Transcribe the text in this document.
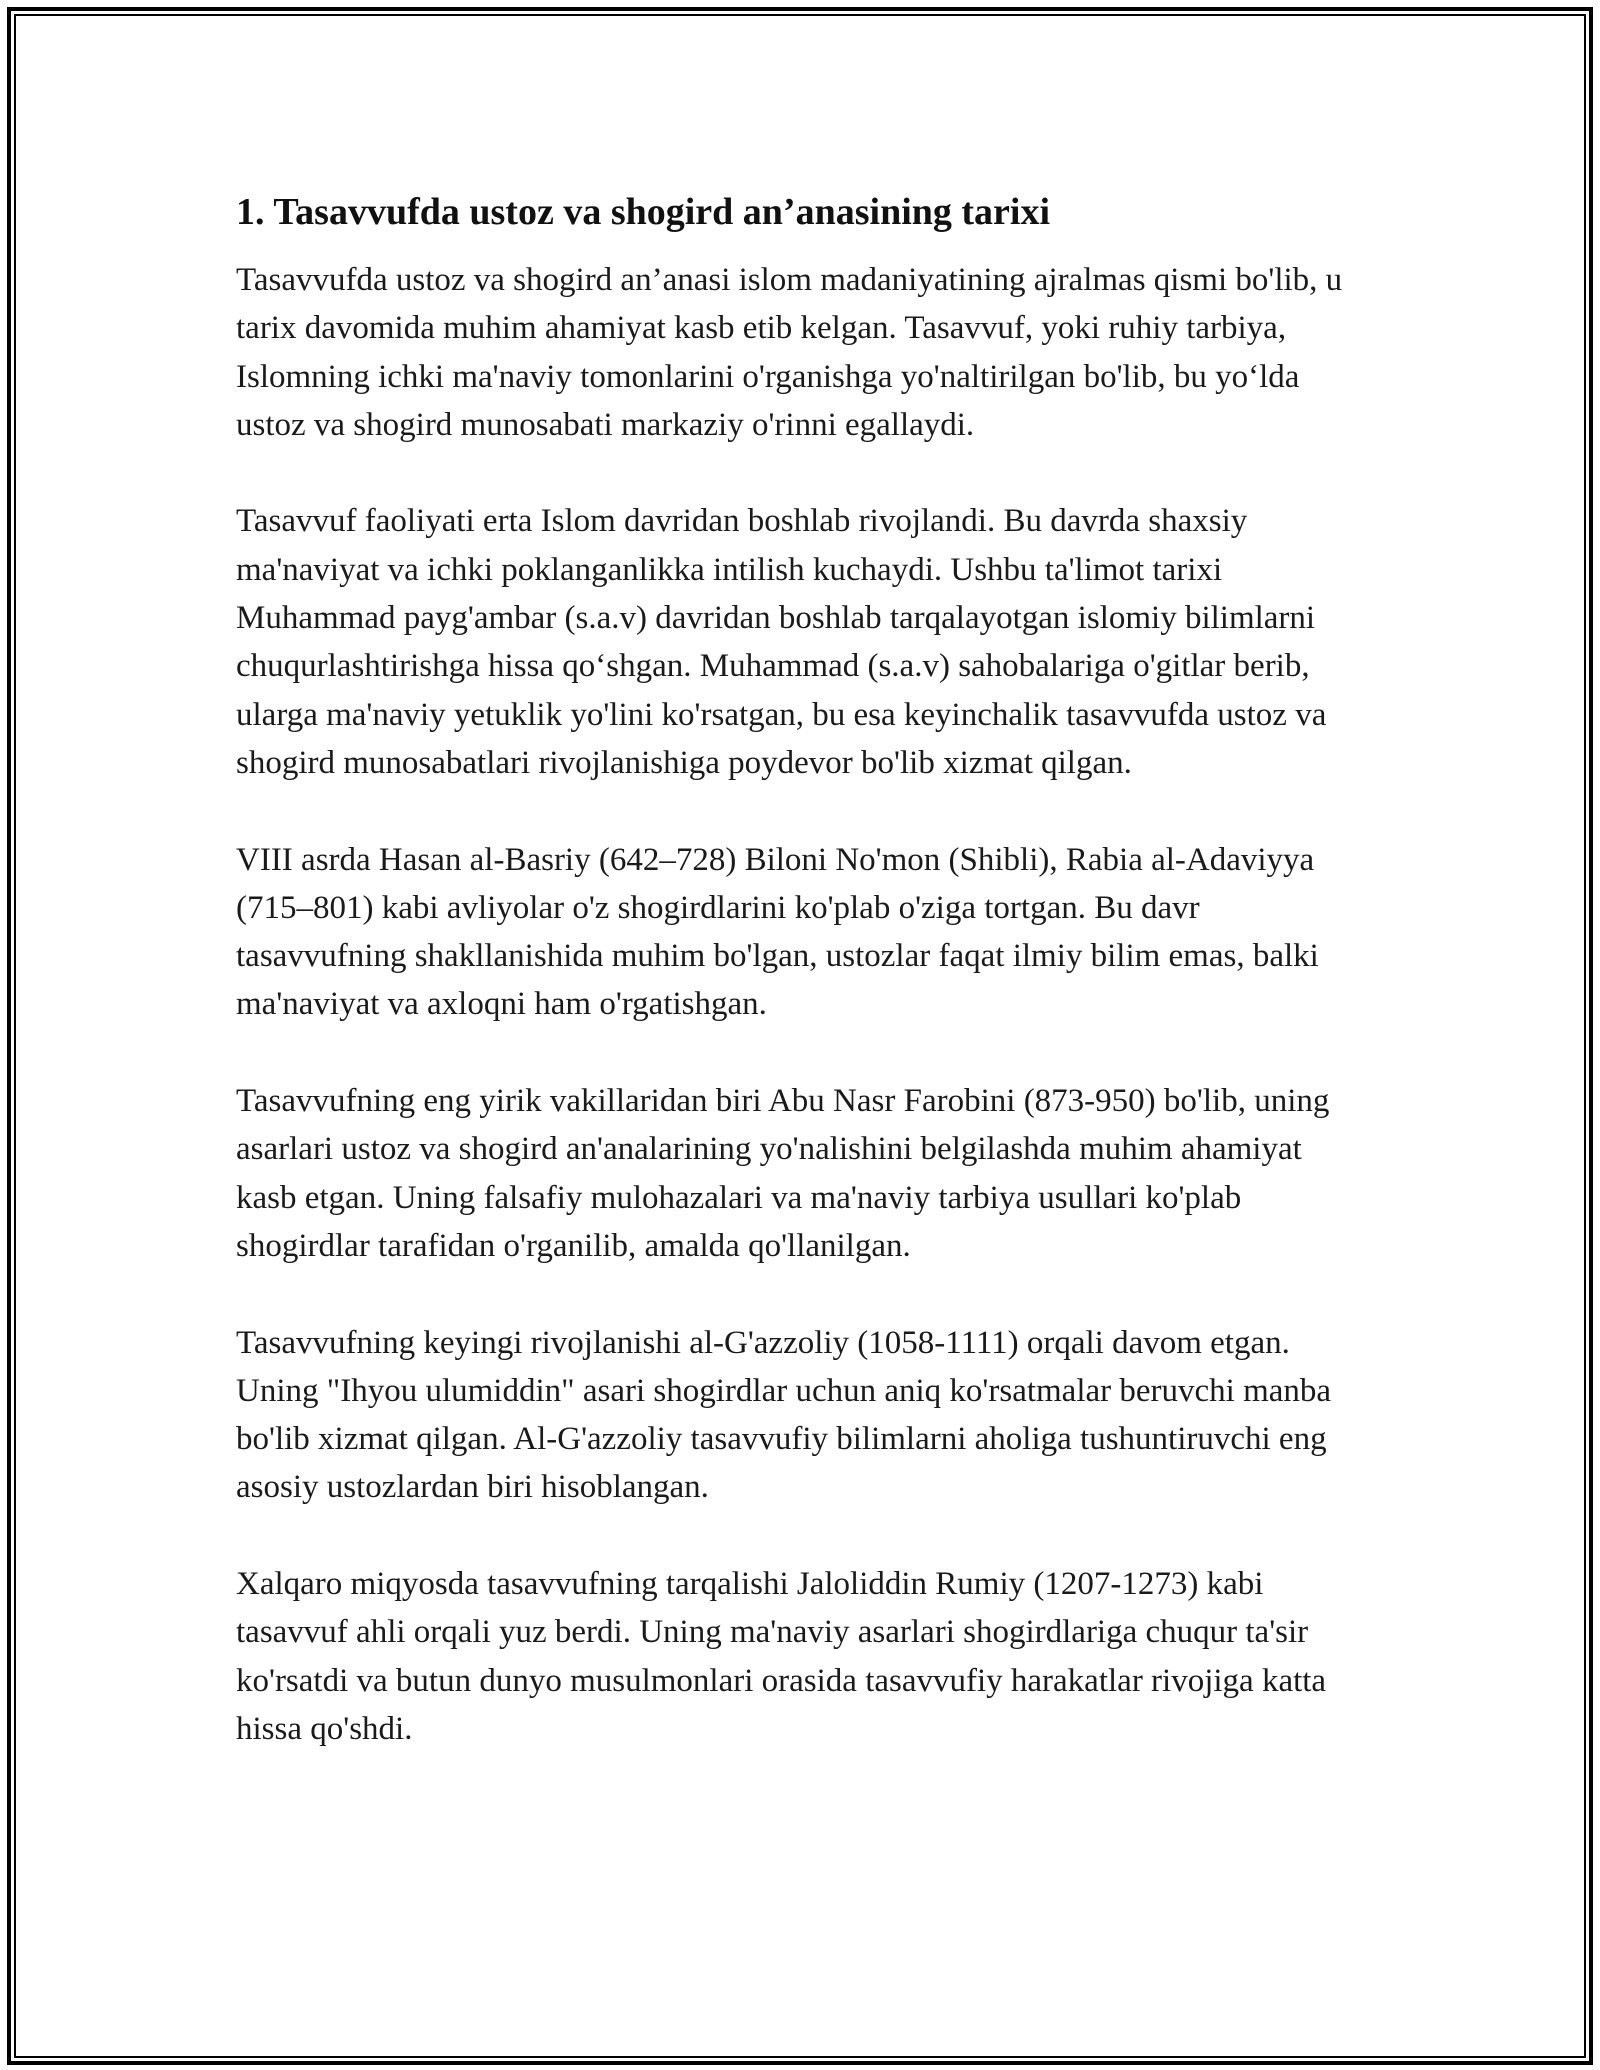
1. Tasavvufda ustoz va shogird an’anasining tarixi

Tasavvufda ustoz va shogird an’anasi islom madaniyatining ajralmas qismi bo'lib, u tarix davomida muhim ahamiyat kasb etib kelgan. Tasavvuf, yoki ruhiy tarbiya, Islomning ichki ma'naviy tomonlarini o'rganishga yo'naltirilgan bo'lib, bu yo‘lda ustoz va shogird munosabati markaziy o'rinni egallaydi.

Tasavvuf faoliyati erta Islom davridan boshlab rivojlandi. Bu davrda shaxsiy ma'naviyat va ichki poklanganlikka intilish kuchaydi. Ushbu ta'limot tarixi Muhammad payg'ambar (s.a.v) davridan boshlab tarqalayotgan islomiy bilimlarni chuqurlashtirishga hissa qo‘shgan. Muhammad (s.a.v) sahobalariga o'gitlar berib, ularga ma'naviy yetuklik yo'lini ko'rsatgan, bu esa keyinchalik tasavvufda ustoz va shogird munosabatlari rivojlanishiga poydevor bo'lib xizmat qilgan.

VIII asrda Hasan al-Basriy (642–728) Biloni No'mon (Shibli), Rabia al-Adaviyya (715–801) kabi avliyolar o'z shogirdlarini ko'plab o'ziga tortgan. Bu davr tasavvufning shakllanishida muhim bo'lgan, ustozlar faqat ilmiy bilim emas, balki ma'naviyat va axloqni ham o'rgatishgan.

Tasavvufning eng yirik vakillaridan biri Abu Nasr Farobini (873-950) bo'lib, uning asarlari ustoz va shogird an'analarining yo'nalishini belgilashda muhim ahamiyat kasb etgan. Uning falsafiy mulohazalari va ma'naviy tarbiya usullari ko'plab shogirdlar tarafidan o'rganilib, amalda qo'llanilgan.

Tasavvufning keyingi rivojlanishi al-G'azzoliy (1058-1111) orqali davom etgan. Uning "Ihyou ulumiddin" asari shogirdlar uchun aniq ko'rsatmalar beruvchi manba bo'lib xizmat qilgan. Al-G'azzoliy tasavvufiy bilimlarni aholiga tushuntiruvchi eng asosiy ustozlardan biri hisoblangan.

Xalqaro miqyosda tasavvufning tarqalishi Jaloliddin Rumiy (1207-1273) kabi tasavvuf ahli orqali yuz berdi. Uning ma'naviy asarlari shogirdlariga chuqur ta'sir ko'rsatdi va butun dunyo musulmonlari orasida tasavvufiy harakatlar rivojiga katta hissa qo'shdi.
